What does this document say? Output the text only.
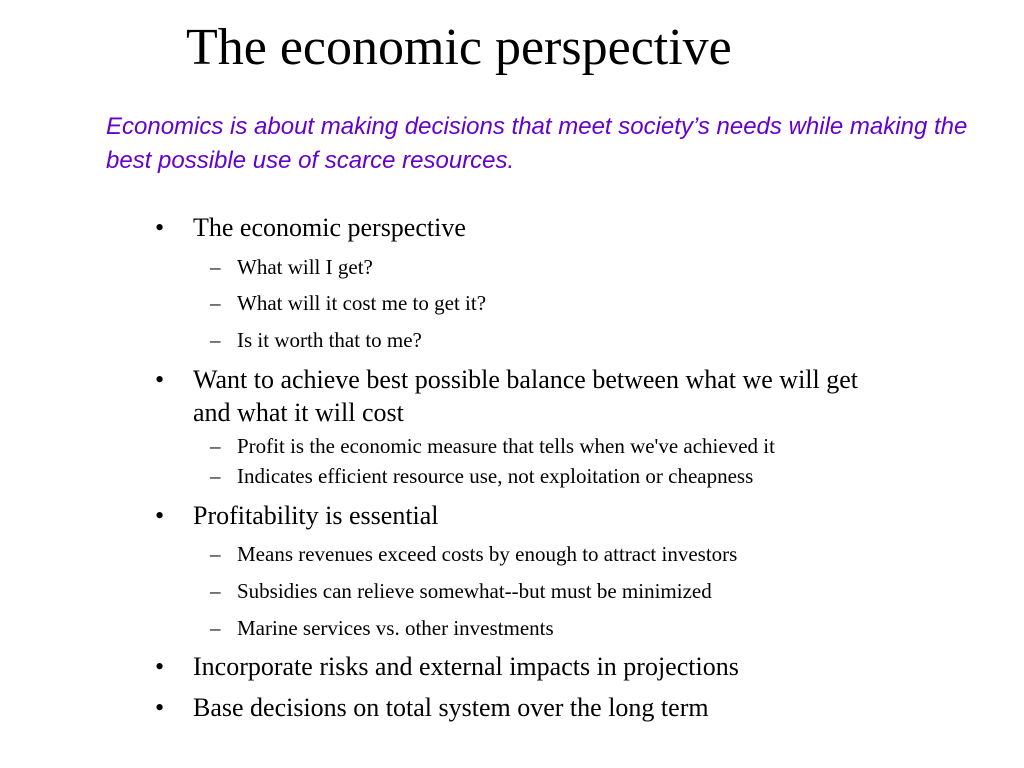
The economic perspective
Economics is about making decisions that meet society’s needs while making the best possible use of scarce resources.
• The economic perspective
– What will I get?
– What will it cost me to get it?
– Is it worth that to me?
• Want to achieve best possible balance between what we will get
and what it will cost
– Profit is the economic measure that tells when we've achieved it
– Indicates efficient resource use, not exploitation or cheapness
• Profitability is essential
– Means revenues exceed costs by enough to attract investors
– Subsidies can relieve somewhat--but must be minimized
– Marine services vs. other investments
• Incorporate risks and external impacts in projections
• Base decisions on total system over the long term
